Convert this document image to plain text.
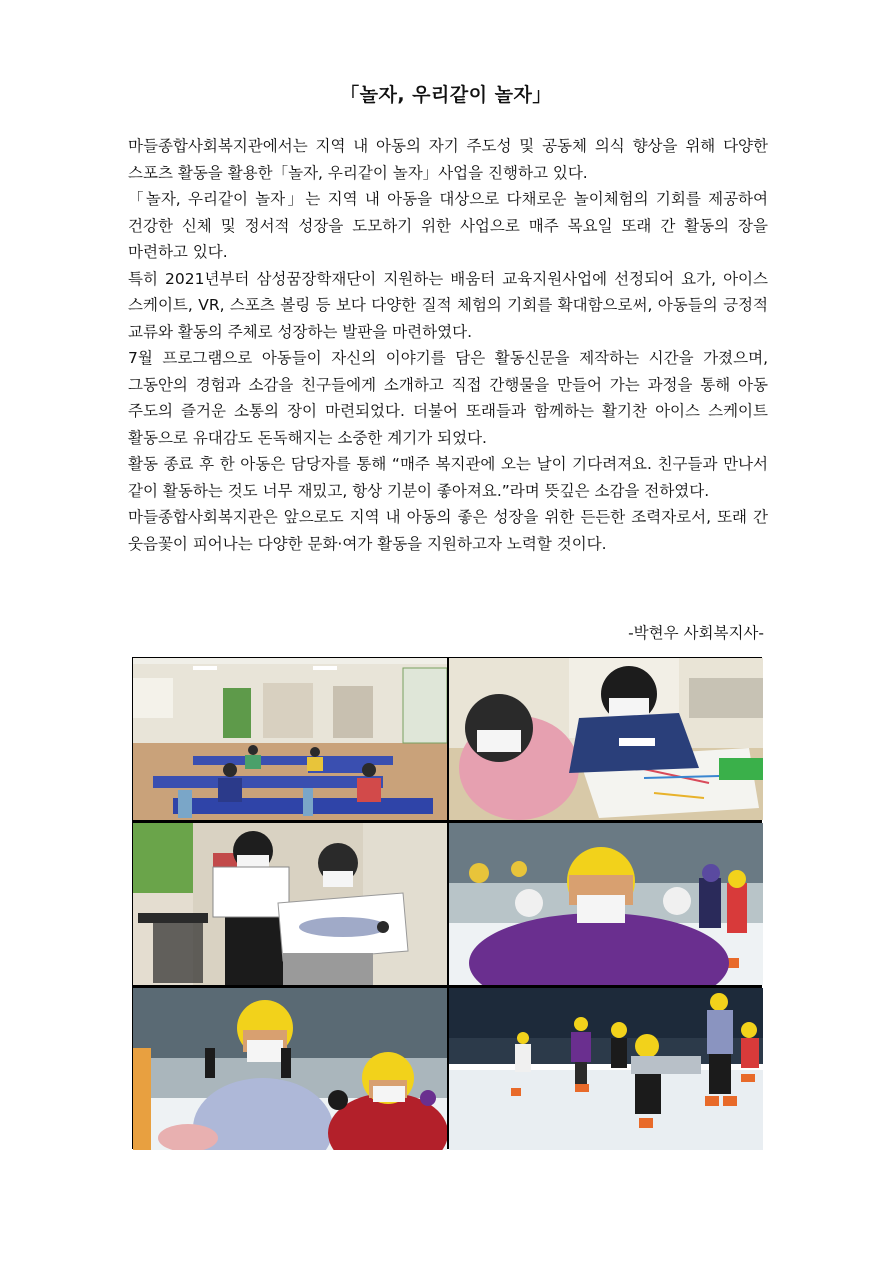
「놀자, 우리같이 놀자」

마들종합사회복지관에서는 지역 내 아동의 자기 주도성 및 공동체 의식 향상을 위해 다양한 스포츠 활동을 활용한「놀자, 우리같이 놀자」사업을 진행하고 있다.

「놀자, 우리같이 놀자」는 지역 내 아동을 대상으로 다채로운 놀이체험의 기회를 제공하여 건강한 신체 및 정서적 성장을 도모하기 위한 사업으로 매주 목요일 또래 간 활동의 장을 마련하고 있다.

특히 2021년부터 삼성꿈장학재단이 지원하는 배움터 교육지원사업에 선정되어 요가, 아이스 스케이트, VR, 스포츠 볼링 등 보다 다양한 질적 체험의 기회를 확대함으로써, 아동들의 긍정적 교류와 활동의 주체로 성장하는 발판을 마련하였다.

7월 프로그램으로 아동들이 자신의 이야기를 담은 활동신문을 제작하는 시간을 가졌으며, 그동안의 경험과 소감을 친구들에게 소개하고 직접 간행물을 만들어 가는 과정을 통해 아동 주도의 즐거운 소통의 장이 마련되었다. 더불어 또래들과 함께하는 활기찬 아이스 스케이트 활동으로 유대감도 돈독해지는 소중한 계기가 되었다.

활동 종료 후 한 아동은 담당자를 통해 “매주 복지관에 오는 날이 기다려져요. 친구들과 만나서 같이 활동하는 것도 너무 재밌고, 항상 기분이 좋아져요.”라며 뜻깊은 소감을 전하였다.

마들종합사회복지관은 앞으로도 지역 내 아동의 좋은 성장을 위한 든든한 조력자로서, 또래 간 웃음꽃이 피어나는 다양한 문화·여가 활동을 지원하고자 노력할 것이다.

-박현우 사회복지사-
